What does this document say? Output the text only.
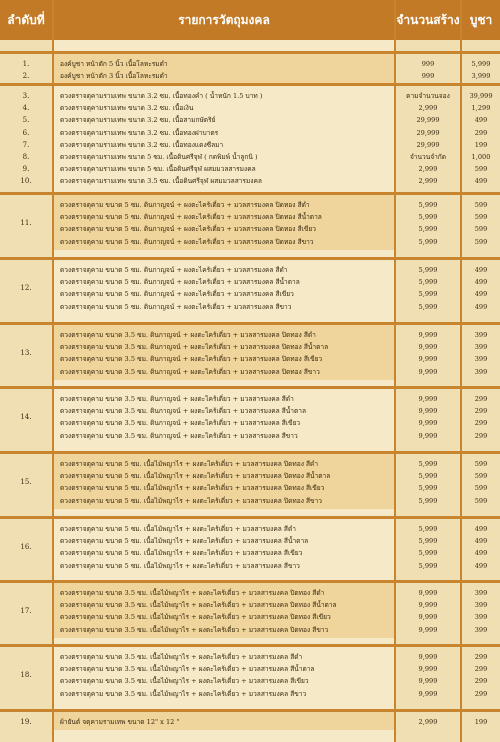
ลำดับที่	รายการวัตถุมงคล	จำนวนสร้าง บูชา
1.	องค์บูชา หน้าตัก 5 นิ้ว เนื้อโลหะรมดำ	999	5,999
2.	องค์บูชา หน้าตัก 3 นิ้ว เนื้อโลหะรมดำ	999	3,999
3.	ดวงตราจตุคามรามเทพ ขนาด 3.2 ซม. เนื้อทองคำ ( น้ำหนัก 1.5 บาท )	ตามจำนวนจอง	39,999
4.	ดวงตราจตุคามรามเทพ ขนาด 3.2 ซม. เนื้อเงิน	2,999	1,299
5.	ดวงตราจตุคามรามเทพ ขนาด 3.2 ซม. เนื้อสามกษัตริย์	29,999	499
6.	ดวงตราจตุคามรามเทพ ขนาด 3.2 ซม. เนื้อทองฝาบาตร	29,999	299
7.	ดวงตราจตุคามรามเทพ ขนาด 3.2 ซม. เนื้อทองแดงซีลมา	29,999	199
8.	ดวงตราจตุคามรามเทพ ขนาด 5 ซม. เนื้อดินศรีจุฬ ( กดพิมพ์ น้ำลูกนิ )	จำนวนจำกัด	1,000
9.	ดวงตราจตุคามรามเทพ ขนาด 5 ซม. เนื้อดินศรีจุฬ ผสมมวลสารมงคล	2,999	599
10.	ดวงตราจตุคามรามเทพ ขนาด 3.5 ซม. เนื้อดินศรีจุฬ ผสมมวลสารมงคล	2,999	499
11.
ดวงตราจตุคาม ขนาด 5 ซม. ดินกาญจน์ + ผงตะไคร้เดี่ยว + มวลสารมงคล ปิดทอง สีดำ	5,999	599
ดวงตราจตุคาม ขนาด 5 ซม. ดินกาญจน์ + ผงตะไคร้เดี่ยว + มวลสารมงคล ปิดทอง สีน้ำตาล	5,999	599
ดวงตราจตุคาม ขนาด 5 ซม. ดินกาญจน์ + ผงตะไคร้เดี่ยว + มวลสารมงคล ปิดทอง สีเขียว	5,999	599
ดวงตราจตุคาม ขนาด 5 ซม. ดินกาญจน์ + ผงตะไคร้เดี่ยว + มวลสารมงคล ปิดทอง สีขาว	5,999	599
12.
ดวงตราจตุคาม ขนาด 5 ซม. ดินกาญจน์ + ผงตะไคร้เดี่ยว + มวลสารมงคล สีดำ	5,999	499
ดวงตราจตุคาม ขนาด 5 ซม. ดินกาญจน์ + ผงตะไคร้เดี่ยว + มวลสารมงคล สีน้ำตาล	5,999	499
ดวงตราจตุคาม ขนาด 5 ซม. ดินกาญจน์ + ผงตะไคร้เดี่ยว + มวลสารมงคล สีเขียว	5,999	499
ดวงตราจตุคาม ขนาด 5 ซม. ดินกาญจน์ + ผงตะไคร้เดี่ยว + มวลสารมงคล สีขาว	5,999	499
13.
ดวงตราจตุคาม ขนาด 3.5 ซม. ดินกาญจน์ + ผงตะไคร้เดี่ยว + มวลสารมงคล ปิดทอง สีดำ	9,999	399
ดวงตราจตุคาม ขนาด 3.5 ซม. ดินกาญจน์ + ผงตะไคร้เดี่ยว + มวลสารมงคล ปิดทอง สีน้ำตาล	9,999	399
ดวงตราจตุคาม ขนาด 3.5 ซม. ดินกาญจน์ + ผงตะไคร้เดี่ยว + มวลสารมงคล ปิดทอง สีเขียว	9,999	399
ดวงตราจตุคาม ขนาด 3.5 ซม. ดินกาญจน์ + ผงตะไคร้เดี่ยว + มวลสารมงคล ปิดทอง สีขาว	9,999	399
14.
ดวงตราจตุคาม ขนาด 3.5 ซม. ดินกาญจน์ + ผงตะไคร้เดี่ยว + มวลสารมงคล สีดำ	9,999	299
ดวงตราจตุคาม ขนาด 3.5 ซม. ดินกาญจน์ + ผงตะไคร้เดี่ยว + มวลสารมงคล สีน้ำตาล	9,999	299
ดวงตราจตุคาม ขนาด 3.5 ซม. ดินกาญจน์ + ผงตะไคร้เดี่ยว + มวลสารมงคล สีเขียว	9,999	299
ดวงตราจตุคาม ขนาด 3.5 ซม. ดินกาญจน์ + ผงตะไคร้เดี่ยว + มวลสารมงคล สีขาว	9,999	299
15.
ดวงตราจตุคาม ขนาด 5 ซม. เนื้อไม้พญาไร + ผงตะไคร้เดี่ยว + มวลสารมงคล ปิดทอง สีดำ	5,999	599
ดวงตราจตุคาม ขนาด 5 ซม. เนื้อไม้พญาไร + ผงตะไคร้เดี่ยว + มวลสารมงคล ปิดทอง สีน้ำตาล	5,999	599
ดวงตราจตุคาม ขนาด 5 ซม. เนื้อไม้พญาไร + ผงตะไคร้เดี่ยว + มวลสารมงคล ปิดทอง สีเขียว	5,999	599
ดวงตราจตุคาม ขนาด 5 ซม. เนื้อไม้พญาไร + ผงตะไคร้เดี่ยว + มวลสารมงคล ปิดทอง สีขาว	5,999	599
16.
ดวงตราจตุคาม ขนาด 5 ซม. เนื้อไม้พญาไร + ผงตะไคร้เดี่ยว + มวลสารมงคล สีดำ	5,999	499
ดวงตราจตุคาม ขนาด 5 ซม. เนื้อไม้พญาไร + ผงตะไคร้เดี่ยว + มวลสารมงคล สีน้ำตาล	5,999	499
ดวงตราจตุคาม ขนาด 5 ซม. เนื้อไม้พญาไร + ผงตะไคร้เดี่ยว + มวลสารมงคล สีเขียว	5,999	499
ดวงตราจตุคาม ขนาด 5 ซม. เนื้อไม้พญาไร + ผงตะไคร้เดี่ยว + มวลสารมงคล สีขาว	5,999	499
17.
ดวงตราจตุคาม ขนาด 3.5 ซม. เนื้อไม้พญาไร + ผงตะไคร้เดี่ยว + มวลสารมงคล ปิดทอง สีดำ	9,999	399
ดวงตราจตุคาม ขนาด 3.5 ซม. เนื้อไม้พญาไร + ผงตะไคร้เดี่ยว + มวลสารมงคล ปิดทอง สีน้ำตาล	9,999	399
ดวงตราจตุคาม ขนาด 3.5 ซม. เนื้อไม้พญาไร + ผงตะไคร้เดี่ยว + มวลสารมงคล ปิดทอง สีเขียว	9,999	399
ดวงตราจตุคาม ขนาด 3.5 ซม. เนื้อไม้พญาไร + ผงตะไคร้เดี่ยว + มวลสารมงคล ปิดทอง สีขาว	9,999	399
18.
ดวงตราจตุคาม ขนาด 3.5 ซม. เนื้อไม้พญาไร + ผงตะไคร้เดี่ยว + มวลสารมงคล สีดำ	9,999	299
ดวงตราจตุคาม ขนาด 3.5 ซม. เนื้อไม้พญาไร + ผงตะไคร้เดี่ยว + มวลสารมงคล สีน้ำตาล	9,999	299
ดวงตราจตุคาม ขนาด 3.5 ซม. เนื้อไม้พญาไร + ผงตะไคร้เดี่ยว + มวลสารมงคล สีเขียว	9,999	299
ดวงตราจตุคาม ขนาด 3.5 ซม. เนื้อไม้พญาไร + ผงตะไคร้เดี่ยว + มวลสารมงคล สีขาว	9,999	299
19.	ผ้ายันต์ จตุคามรามเทพ ขนาด 12" x 12 "	2,999	199
